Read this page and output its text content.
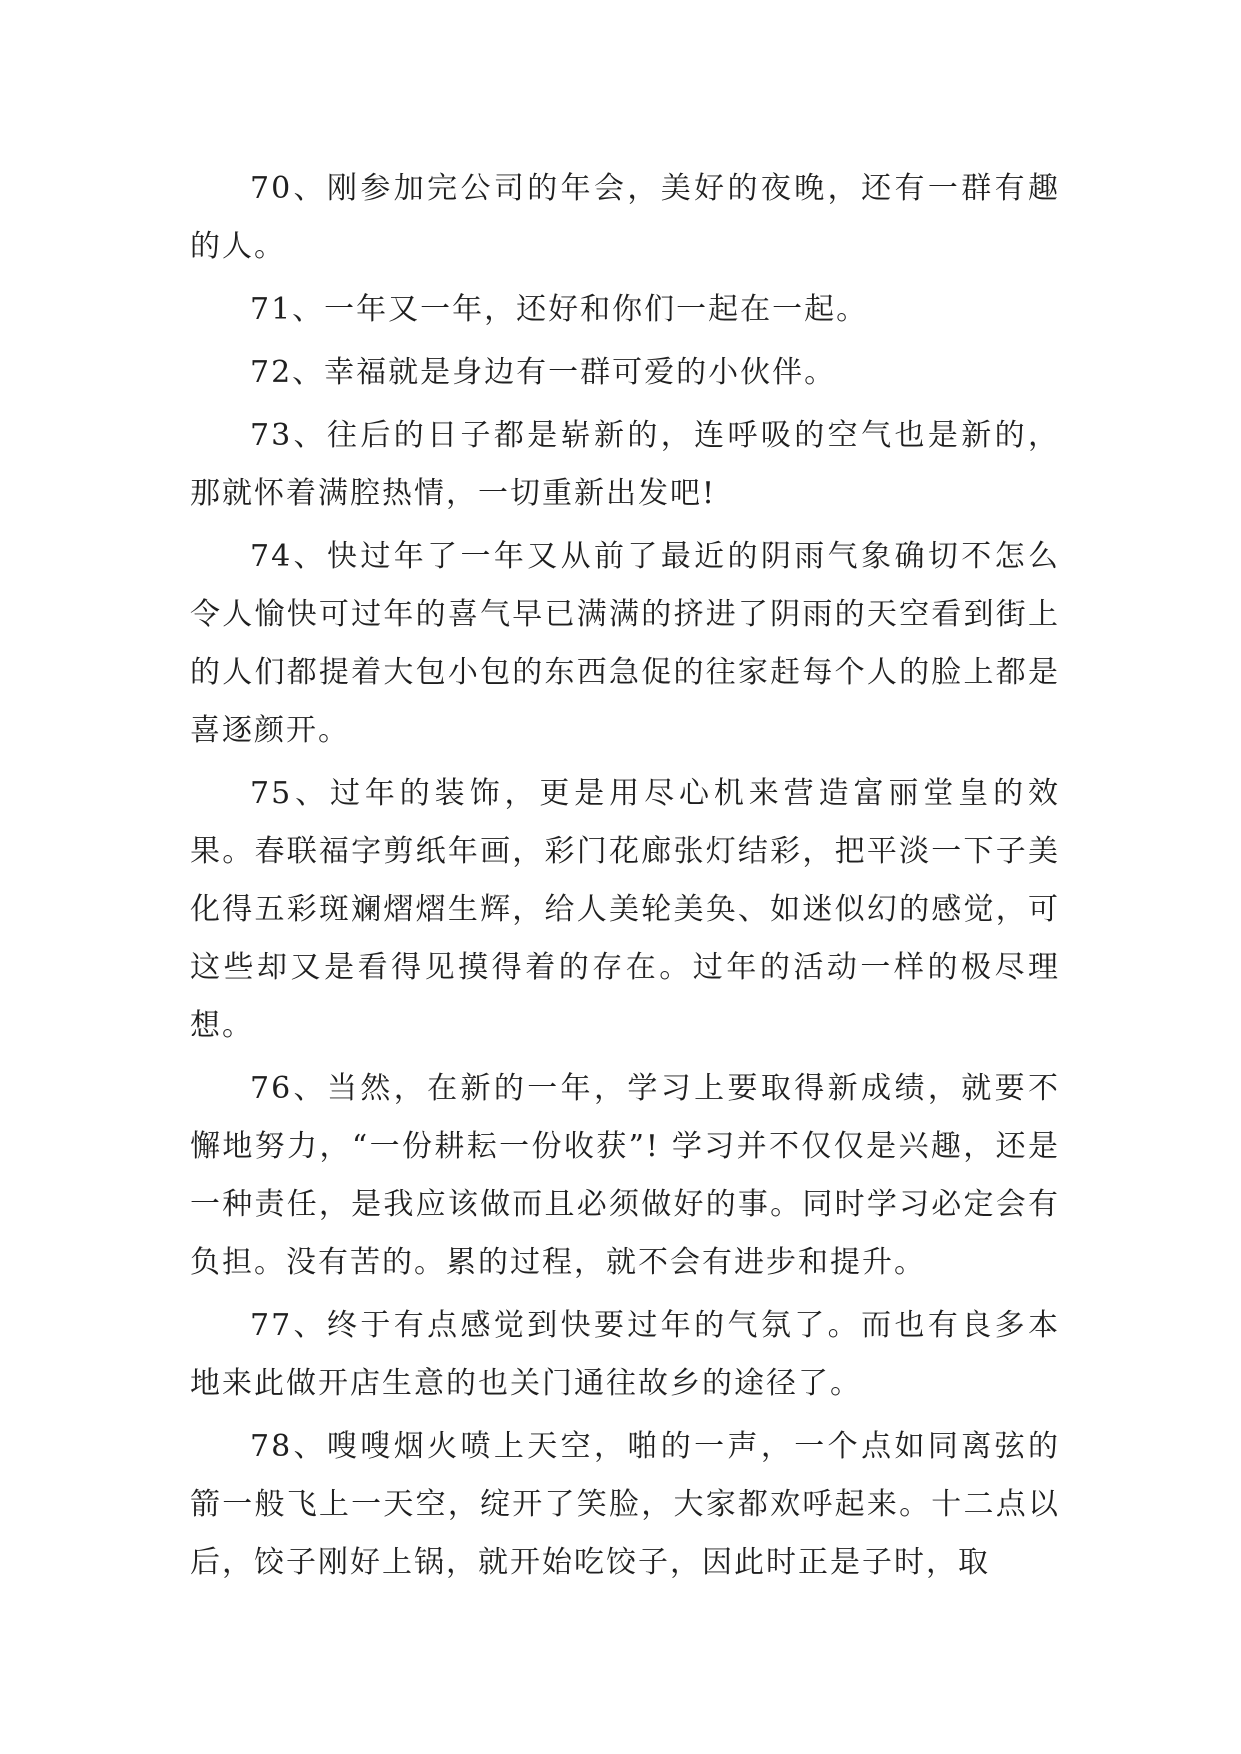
70、刚参加完公司的年会，美好的夜晚，还有一群有趣的人。

71、一年又一年，还好和你们一起在一起。

72、幸福就是身边有一群可爱的小伙伴。

73、往后的日子都是崭新的，连呼吸的空气也是新的，那就怀着满腔热情，一切重新出发吧!

74、快过年了一年又从前了最近的阴雨气象确切不怎么令人愉快可过年的喜气早已满满的挤进了阴雨的天空看到街上的人们都提着大包小包的东西急促的往家赶每个人的脸上都是喜逐颜开。

75、过年的装饰，更是用尽心机来营造富丽堂皇的效果。春联福字剪纸年画，彩门花廊张灯结彩，把平淡一下子美化得五彩斑斓熠熠生辉，给人美轮美奂、如迷似幻的感觉，可这些却又是看得见摸得着的存在。过年的活动一样的极尽理想。

76、当然，在新的一年，学习上要取得新成绩，就要不懈地努力，“一份耕耘一份收获”! 学习并不仅仅是兴趣，还是一种责任，是我应该做而且必须做好的事。同时学习必定会有负担。没有苦的。累的过程，就不会有进步和提升。

77、终于有点感觉到快要过年的气氛了。而也有良多本地来此做开店生意的也关门通往故乡的途径了。

78、嗖嗖烟火喷上天空，啪的一声，一个点如同离弦的箭一般飞上一天空，绽开了笑脸，大家都欢呼起来。十二点以后，饺子刚好上锅，就开始吃饺子，因此时正是子时，取
